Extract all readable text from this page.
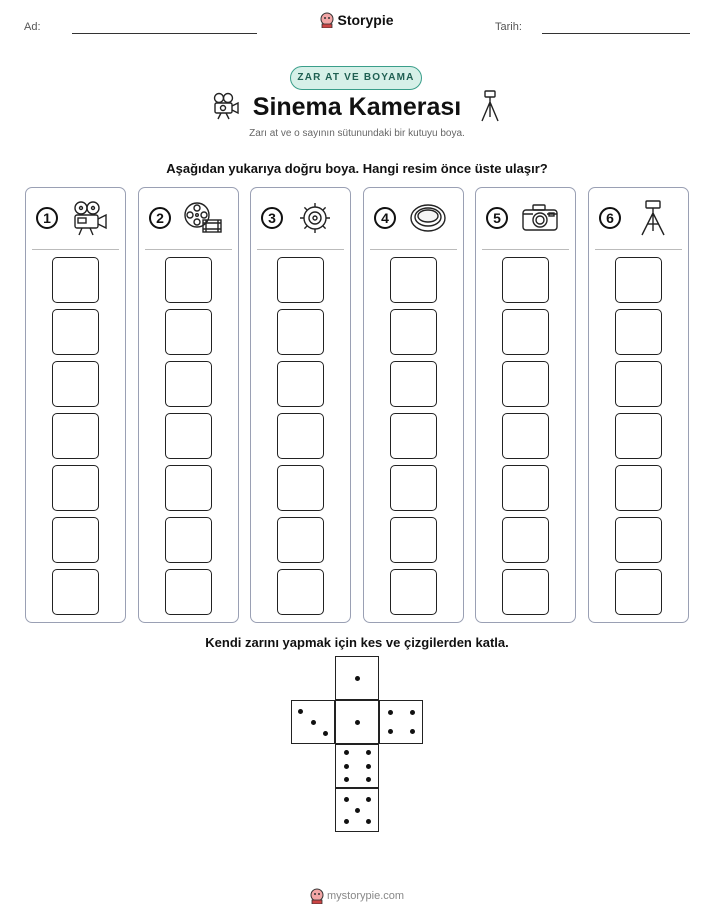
Ad:	Storypie	Tarih:
ZAR AT VE BOYAMA
Sinema Kamerası
Zarı at ve o sayının sütunundaki bir kutuyu boya.
Aşağıdan yukarıya doğru boya. Hangi resim önce üste ulaşır?
1	2	3	4	5	6
Kendi zarını yapmak için kes ve çizgilerden katla.
mystorypie.com
